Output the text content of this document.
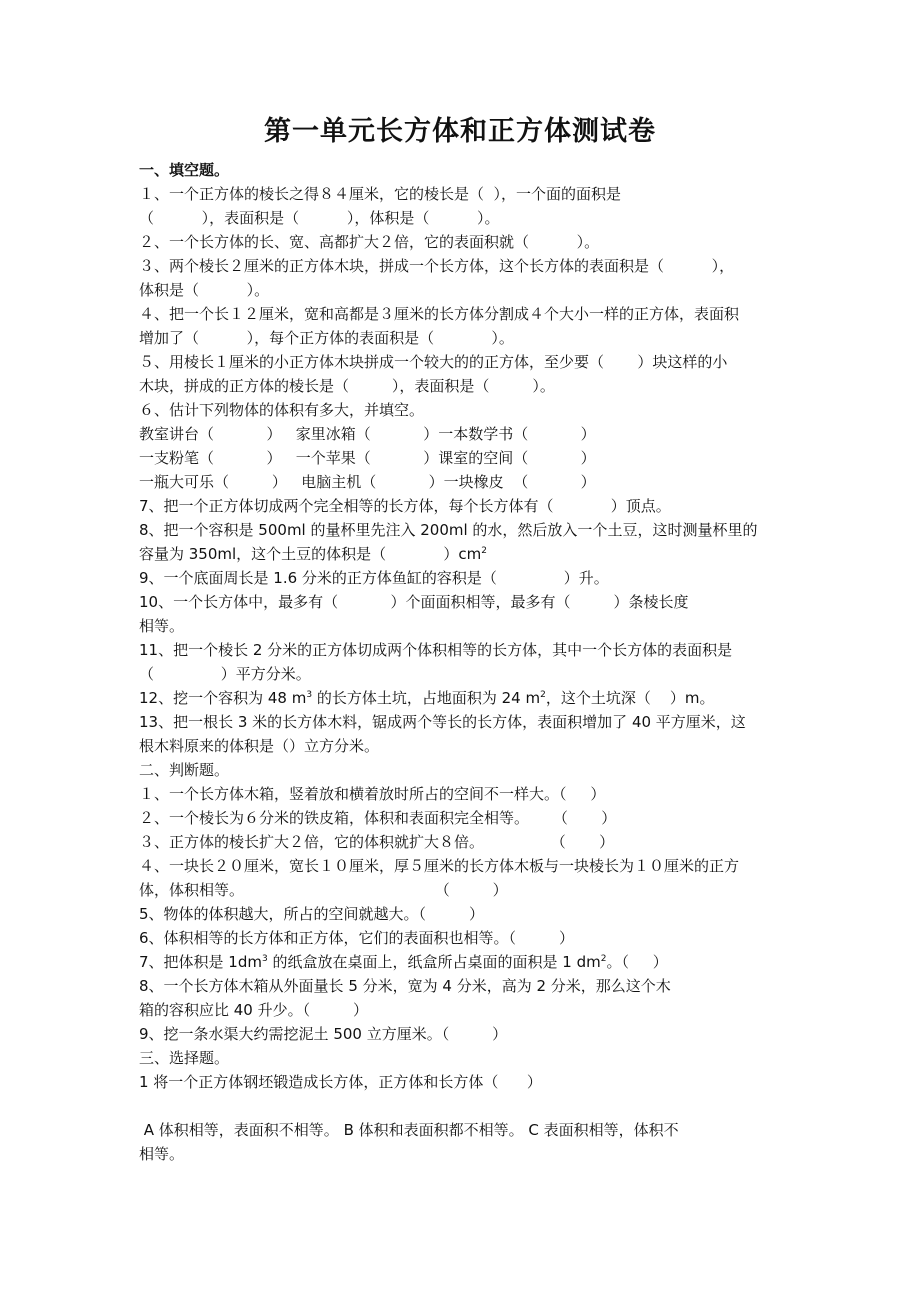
第一单元长方体和正方体测试卷
一、填空题。
１、一个正方体的棱长之得８４厘米，它的棱长是（  ），一个面的面积是
（          ），表面积是（          ），体积是（          ）。
２、一个长方体的长、宽、高都扩大２倍，它的表面积就（          ）。
３、两个棱长２厘米的正方体木块，拼成一个长方体，这个长方体的表面积是（          ），
体积是（          ）。
４、把一个长１２厘米，宽和高都是３厘米的长方体分割成４个大小一样的正方体，表面积
增加了（          ），每个正方体的表面积是（            ）。
５、用棱长１厘米的小正方体木块拼成一个较大的的正方体，至少要（       ）块这样的小
木块，拼成的正方体的棱长是（         ），表面积是（         ）。
６、估计下列物体的体积有多大，并填空。
教室讲台（           ）   家里冰箱（           ）一本数学书（           ）
一支粉笔（           ）   一个苹果（           ）课室的空间（           ）
一瓶大可乐（         ）   电脑主机（           ）一块橡皮  （           ）
7、把一个正方体切成两个完全相等的长方体，每个长方体有（            ）顶点。
8、把一个容积是 500ml 的量杯里先注入 200ml 的水，然后放入一个土豆，这时测量杯里的
容量为 350ml，这个土豆的体积是（            ）$cm^2$
9、一个底面周长是 1.6 分米的正方体鱼缸的容积是（              ）升。
10、一个长方体中，最多有（           ）个面面积相等，最多有（         ）条棱长度
相等。
11、把一个棱长 2 分米的正方体切成两个体积相等的长方体，其中一个长方体的表面积是
（              ）平方分米。
12、挖一个容积为 48 $m^3$ 的长方体土坑，占地面积为 24 $m^2$，这个土坑深（    ）m。
13、把一根长 3 米的长方体木料，锯成两个等长的长方体，表面积增加了 40 平方厘米，这
根木料原来的体积是（）立方分米。
二、判断题。
１、一个长方体木箱，竖着放和横着放时所占的空间不一样大。（     ）
２、一个棱长为６分米的铁皮箱，体积和表面积完全相等。     （       ）
３、正方体的棱长扩大２倍，它的体积就扩大８倍。              （       ）
４、一块长２０厘米，宽长１０厘米，厚５厘米的长方体木板与一块棱长为１０厘米的正方
体，体积相等。                                        （         ）
5、物体的体积越大，所占的空间就越大。（         ）
6、体积相等的长方体和正方体，它们的表面积也相等。（         ）
7、把体积是 $1dm^3$ 的纸盒放在桌面上，纸盒所占桌面的面积是 1 $dm^2$。（     ）
8、一个长方体木箱从外面量长 5 分米，宽为 4 分米，高为 2 分米，那么这个木
箱的容积应比 40 升少。（         ）
9、挖一条水渠大约需挖泥土 500 立方厘米。（         ）
三、选择题。
1 将一个正方体钢坯锻造成长方体，正方体和长方体（      ）
A 体积相等，表面积不相等。 B 体积和表面积都不相等。 C 表面积相等，体积不
相等。
